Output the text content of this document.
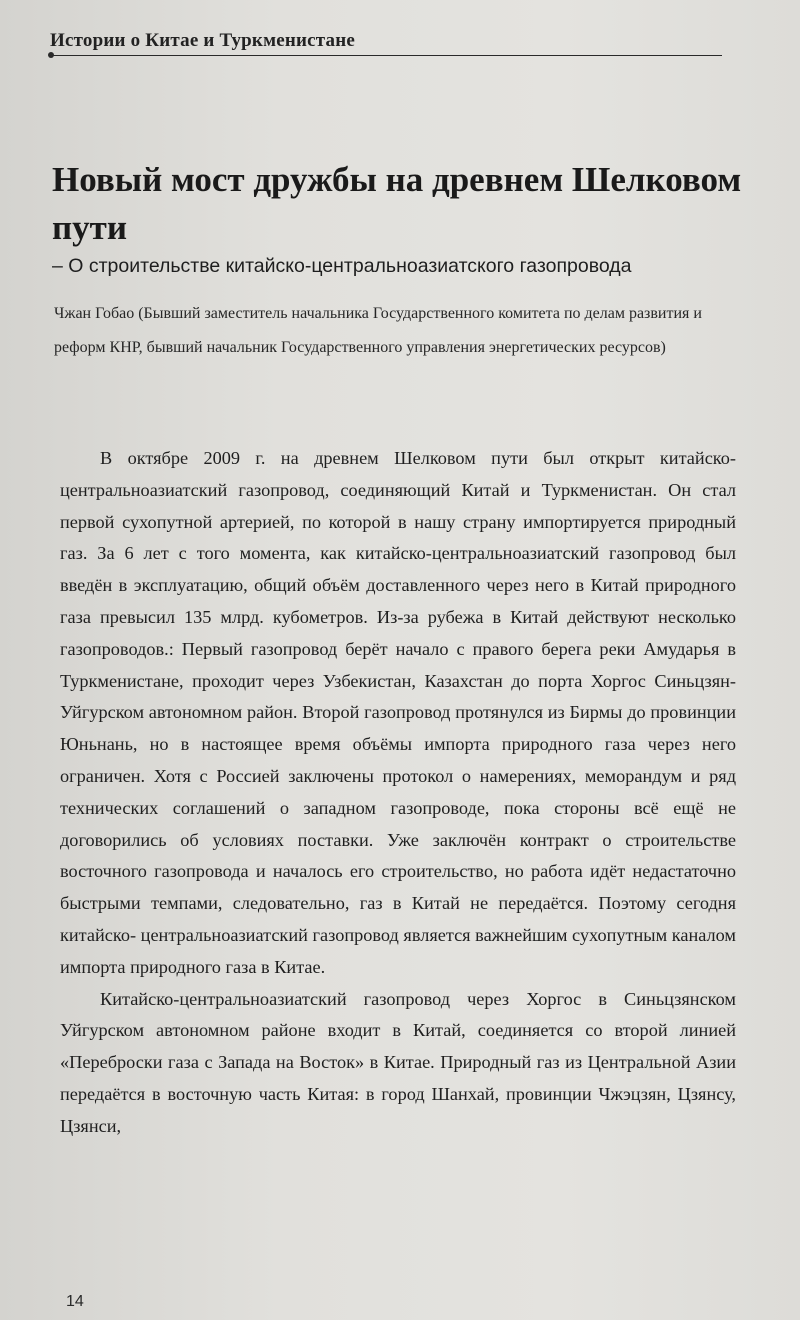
Истории о Китае и Туркменистане
Новый мост дружбы на древнем Шелковом пути
– О строительстве китайско-центральноазиатского газопровода
Чжан Гобао (Бывший заместитель начальника Государственного комитета по делам развития и реформ КНР, бывший начальник Государственного управления энергетических ресурсов)

В октябре 2009 г. на древнем Шелковом пути был открыт китайско-центральноазиатский газопровод, соединяющий Китай и Туркменистан. Он стал первой сухопутной артерией, по которой в нашу страну импортируется природный газ. За 6 лет с того момента, как китайско-центральноазиатский газопровод был введён в эксплуатацию, общий объём доставленного через него в Китай природного газа превысил 135 млрд. кубометров. Из-за рубежа в Китай действуют несколько газопроводов.: Первый газопровод берёт начало с правого берега реки Амударья в Туркменистане, проходит через Узбекистан, Казахстан до порта Хоргос Синьцзян-Уйгурском автономном район. Второй газопровод протянулся из Бирмы до провинции Юньнань, но в настоящее время объёмы импорта природного газа через него ограничен. Хотя с Россией заключены протокол о намерениях, меморандум и ряд технических соглашений о западном газопроводе, пока стороны всё ещё не договорились об условиях поставки. Уже заключён контракт о строительстве восточного газопровода и началось его строительство, но работа идёт недастаточно быстрыми темпами, следовательно, газ в Китай не передаётся. Поэтому сегодня китайско- центральноазиатский газопровод является важнейшим сухопутным каналом импорта природного газа в Китае.

Китайско-центральноазиатский газопровод через Хоргос в Синьцзянском Уйгурском автономном районе входит в Китай, соединяется со второй линией «Переброски газа с Запада на Восток» в Китае. Природный газ из Центральной Азии передаётся в восточную часть Китая: в город Шанхай, провинции Чжэцзян, Цзянсу, Цзянси,

14
